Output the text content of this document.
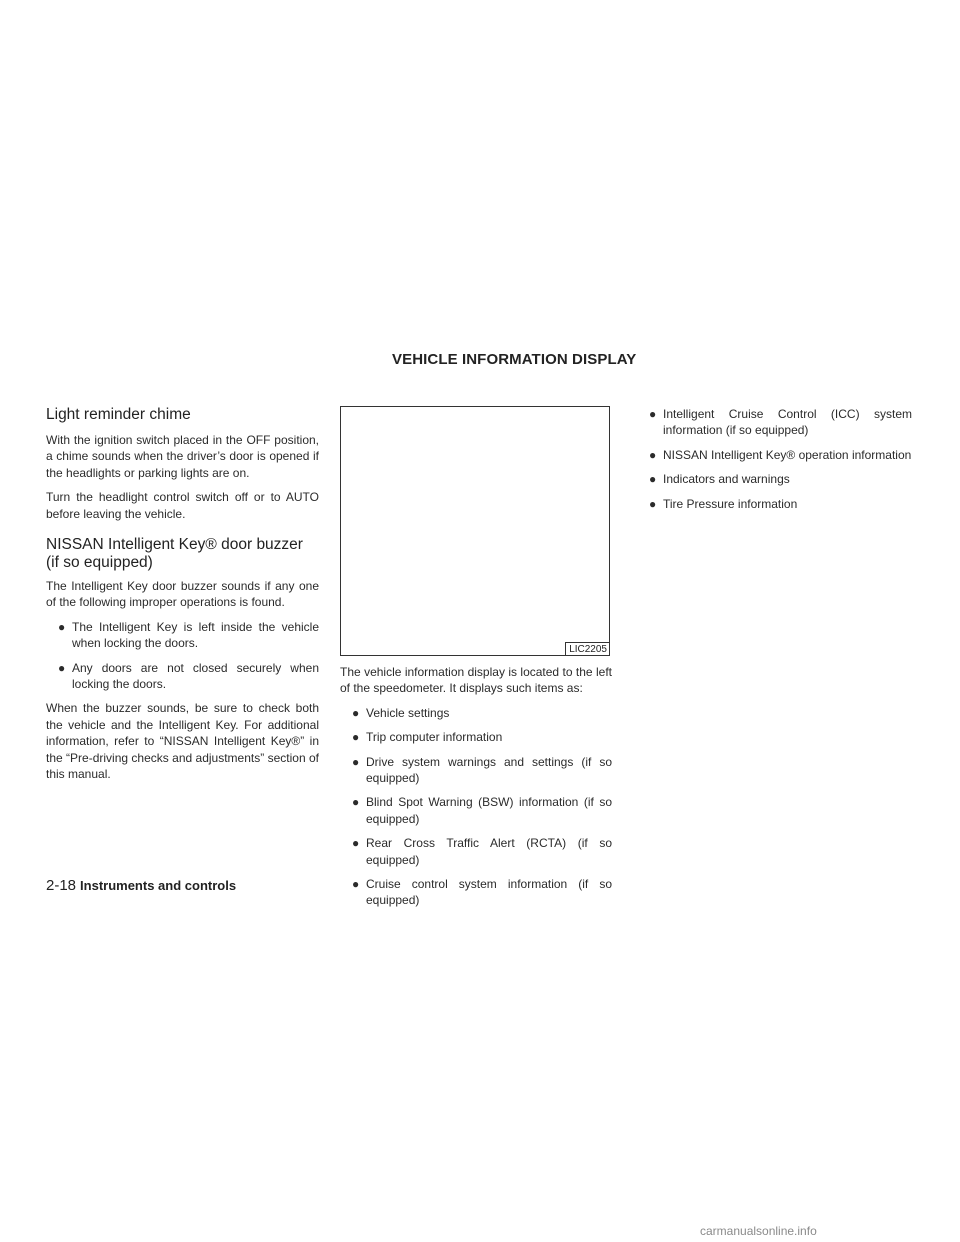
VEHICLE INFORMATION DISPLAY
Light reminder chime

With the ignition switch placed in the OFF position, a chime sounds when the driver’s door is opened if the headlights or parking lights are on.

Turn the headlight control switch off or to AUTO before leaving the vehicle.

NISSAN Intelligent Key® door buzzer (if so equipped)

The Intelligent Key door buzzer sounds if any one of the following improper operations is found.

● The Intelligent Key is left inside the vehicle when locking the doors.
● Any doors are not closed securely when locking the doors.

When the buzzer sounds, be sure to check both the vehicle and the Intelligent Key. For additional information, refer to “NISSAN Intelligent Key®” in the “Pre-driving checks and adjustments” section of this manual.

LIC2205

The vehicle information display is located to the left of the speedometer. It displays such items as:

● Vehicle settings
● Trip computer information
● Drive system warnings and settings (if so equipped)
● Blind Spot Warning (BSW) information (if so equipped)
● Rear Cross Traffic Alert (RCTA) (if so equipped)
● Cruise control system information (if so equipped)
● Intelligent Cruise Control (ICC) system information (if so equipped)
● NISSAN Intelligent Key® operation information
● Indicators and warnings
● Tire Pressure information
2-18 Instruments and controls
carmanualsonline.info
